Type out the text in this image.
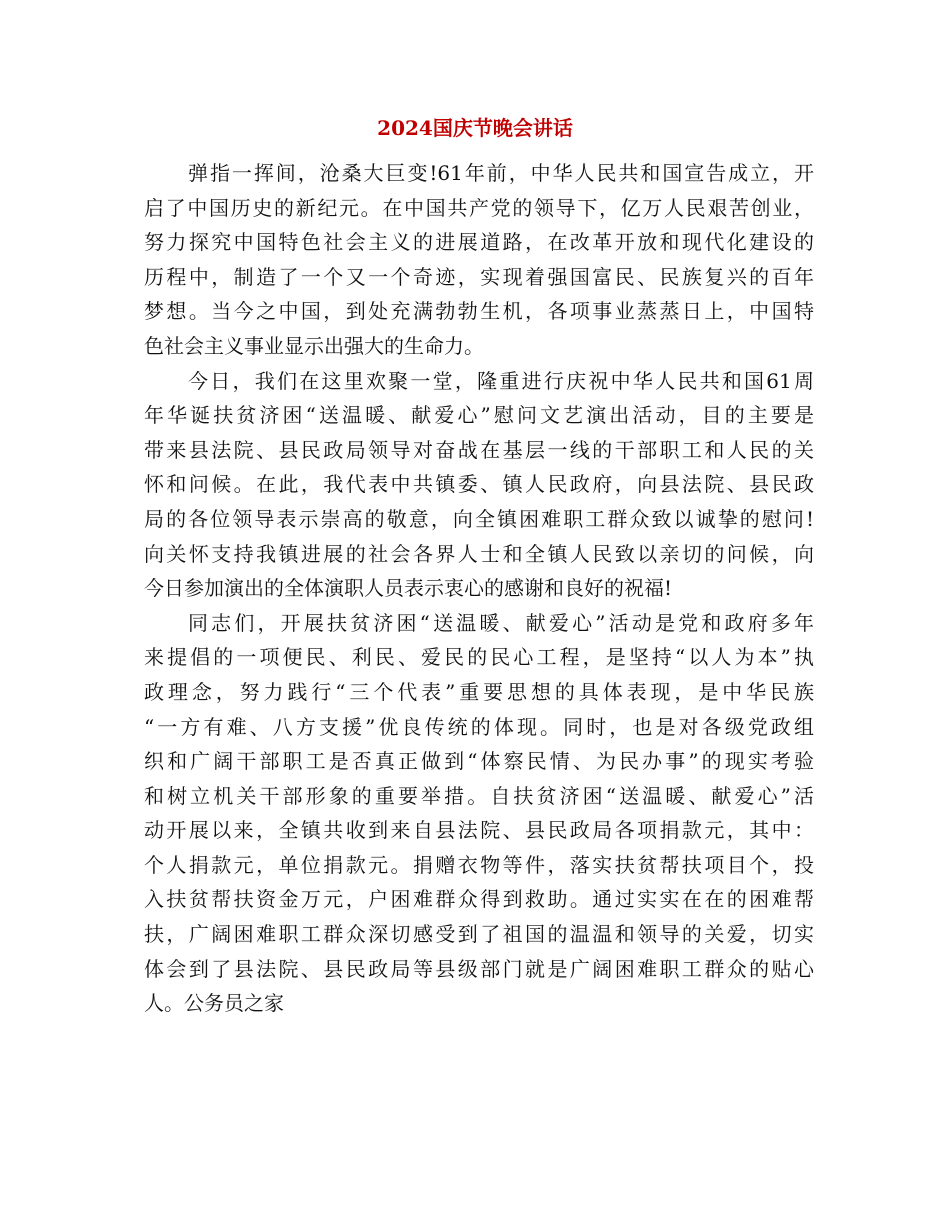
2024国庆节晚会讲话
弹指一挥间，沧桑大巨变!61年前，中华人民共和国宣告成立，开
启了中国历史的新纪元。在中国共产党的领导下，亿万人民艰苦创业，
努力探究中国特色社会主义的进展道路，在改革开放和现代化建设的
历程中，制造了一个又一个奇迹，实现着强国富民、民族复兴的百年
梦想。当今之中国，到处充满勃勃生机，各项事业蒸蒸日上，中国特
色社会主义事业显示出强大的生命力。
今日，我们在这里欢聚一堂，隆重进行庆祝中华人民共和国61周
年华诞扶贫济困“送温暖、献爱心”慰问文艺演出活动，目的主要是
带来县法院、县民政局领导对奋战在基层一线的干部职工和人民的关
怀和问候。在此，我代表中共镇委、镇人民政府，向县法院、县民政
局的各位领导表示崇高的敬意，向全镇困难职工群众致以诚挚的慰问!
向关怀支持我镇进展的社会各界人士和全镇人民致以亲切的问候，向
今日参加演出的全体演职人员表示衷心的感谢和良好的祝福!
同志们，开展扶贫济困“送温暖、献爱心”活动是党和政府多年
来提倡的一项便民、利民、爱民的民心工程，是坚持“以人为本”执
政理念，努力践行“三个代表”重要思想的具体表现，是中华民族
“一方有难、八方支援”优良传统的体现。同时，也是对各级党政组
织和广阔干部职工是否真正做到“体察民情、为民办事”的现实考验
和树立机关干部形象的重要举措。自扶贫济困“送温暖、献爱心”活
动开展以来，全镇共收到来自县法院、县民政局各项捐款元，其中：
个人捐款元，单位捐款元。捐赠衣物等件，落实扶贫帮扶项目个，投
入扶贫帮扶资金万元，户困难群众得到救助。通过实实在在的困难帮
扶，广阔困难职工群众深切感受到了祖国的温温和领导的关爱，切实
体会到了县法院、县民政局等县级部门就是广阔困难职工群众的贴心
人。公务员之家
